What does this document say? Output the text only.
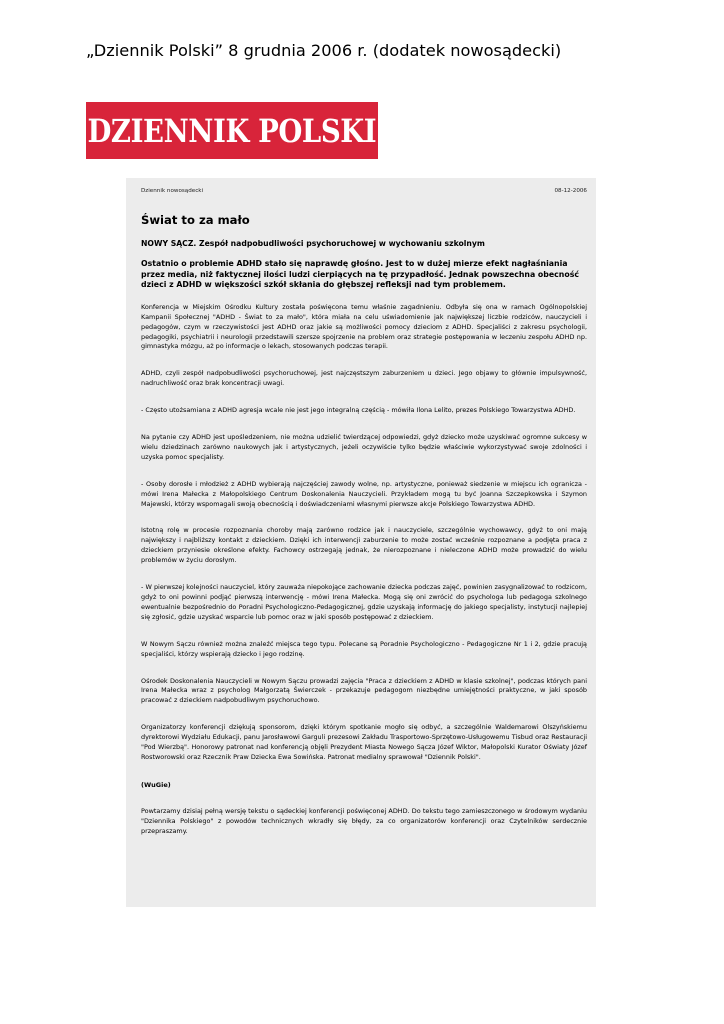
„Dziennik Polski” 8 grudnia 2006 r. (dodatek nowosądecki)
DZIENNIK POLSKI
Dziennik nowosądecki	08-12-2006
Świat to za mało

NOWY SĄCZ. Zespół nadpobudliwości psychoruchowej w wychowaniu szkolnym

Ostatnio o problemie ADHD stało się naprawdę głośno. Jest to w dużej mierze efekt nagłaśniania przez media, niż faktycznej ilości ludzi cierpiących na tę przypadłość. Jednak powszechna obecność dzieci z ADHD w większości szkół skłania do głębszej refleksji nad tym problemem.

Konferencja w Miejskim Ośrodku Kultury została poświęcona temu właśnie zagadnieniu. Odbyła się ona w ramach Ogólnopolskiej Kampanii Społecznej "ADHD - Świat to za mało", która miała na celu uświadomienie jak największej liczbie rodziców, nauczycieli i pedagogów, czym w rzeczywistości jest ADHD oraz jakie są możliwości pomocy dzieciom z ADHD. Specjaliści z zakresu psychologii, pedagogiki, psychiatrii i neurologii przedstawili szersze spojrzenie na problem oraz strategie postępowania w leczeniu zespołu ADHD np. gimnastyka mózgu, aż po informacje o lekach, stosowanych podczas terapii.

ADHD, czyli zespół nadpobudliwości psychoruchowej, jest najczęstszym zaburzeniem u dzieci. Jego objawy to głównie impulsywność, nadruchliwość oraz brak koncentracji uwagi.

- Często utożsamiana z ADHD agresja wcale nie jest jego integralną częścią - mówiła Ilona Lelito, prezes Polskiego Towarzystwa ADHD.

Na pytanie czy ADHD jest upośledzeniem, nie można udzielić twierdzącej odpowiedzi, gdyż dziecko może uzyskiwać ogromne sukcesy w wielu dziedzinach zarówno naukowych jak i artystycznych, jeżeli oczywiście tylko będzie właściwie wykorzystywać swoje zdolności i uzyska pomoc specjalisty.

- Osoby dorosłe i młodzież z ADHD wybierają najczęściej zawody wolne, np. artystyczne, ponieważ siedzenie w miejscu ich ogranicza - mówi Irena Małecka z Małopolskiego Centrum Doskonalenia Nauczycieli. Przykładem mogą tu być Joanna Szczepkowska i Szymon Majewski, którzy wspomagali swoją obecnością i doświadczeniami własnymi pierwsze akcje Polskiego Towarzystwa ADHD.

Istotną rolę w procesie rozpoznania choroby mają zarówno rodzice jak i nauczyciele, szczególnie wychowawcy, gdyż to oni mają największy i najbliższy kontakt z dzieckiem. Dzięki ich interwencji zaburzenie to może zostać wcześnie rozpoznane a podjęta praca z dzieckiem przyniesie określone efekty. Fachowcy ostrzegają jednak, że nierozpoznane i nieleczone ADHD może prowadzić do wielu problemów w życiu dorosłym.

- W pierwszej kolejności nauczyciel, który zauważa niepokojące zachowanie dziecka podczas zajęć, powinien zasygnalizować to rodzicom, gdyż to oni powinni podjąć pierwszą interwencję - mówi Irena Małecka. Mogą się oni zwrócić do psychologa lub pedagoga szkolnego ewentualnie bezpośrednio do Poradni Psychologiczno-Pedagogicznej, gdzie uzyskają informację do jakiego specjalisty, instytucji najlepiej się zgłosić, gdzie uzyskać wsparcie lub pomoc oraz w jaki sposób postępować z dzieckiem.

W Nowym Sączu również można znaleźć miejsca tego typu. Polecane są Poradnie Psychologiczno - Pedagogiczne Nr 1 i 2, gdzie pracują specjaliści, którzy wspierają dziecko i jego rodzinę.

Ośrodek Doskonalenia Nauczycieli w Nowym Sączu prowadzi zajęcia "Praca z dzieckiem z ADHD w klasie szkolnej", podczas których pani Irena Małecka wraz z psycholog Małgorzatą Świerczek - przekazuje pedagogom niezbędne umiejętności praktyczne, w jaki sposób pracować z dzieckiem nadpobudliwym psychoruchowo.

Organizatorzy konferencji dziękują sponsorom, dzięki którym spotkanie mogło się odbyć, a szczególnie Waldemarowi Olszyńskiemu dyrektorowi Wydziału Edukacji, panu Jarosławowi Garguli prezesowi Zakładu Trasportowo-Sprzętowo-Usługowemu Tisbud oraz Restauracji "Pod Wierzbą". Honorowy patronat nad konferencją objęli Prezydent Miasta Nowego Sącza Józef Wiktor, Małopolski Kurator Oświaty Józef Rostworowski oraz Rzecznik Praw Dziecka Ewa Sowińska. Patronat medialny sprawował "Dziennik Polski".

(WuGie)

Powtarzamy dzisiaj pełną wersję tekstu o sądeckiej konferencji poświęconej ADHD. Do tekstu tego zamieszczonego w środowym wydaniu "Dziennika Polskiego" z powodów technicznych wkradły się błędy, za co organizatorów konferencji oraz Czytelników serdecznie przepraszamy.
